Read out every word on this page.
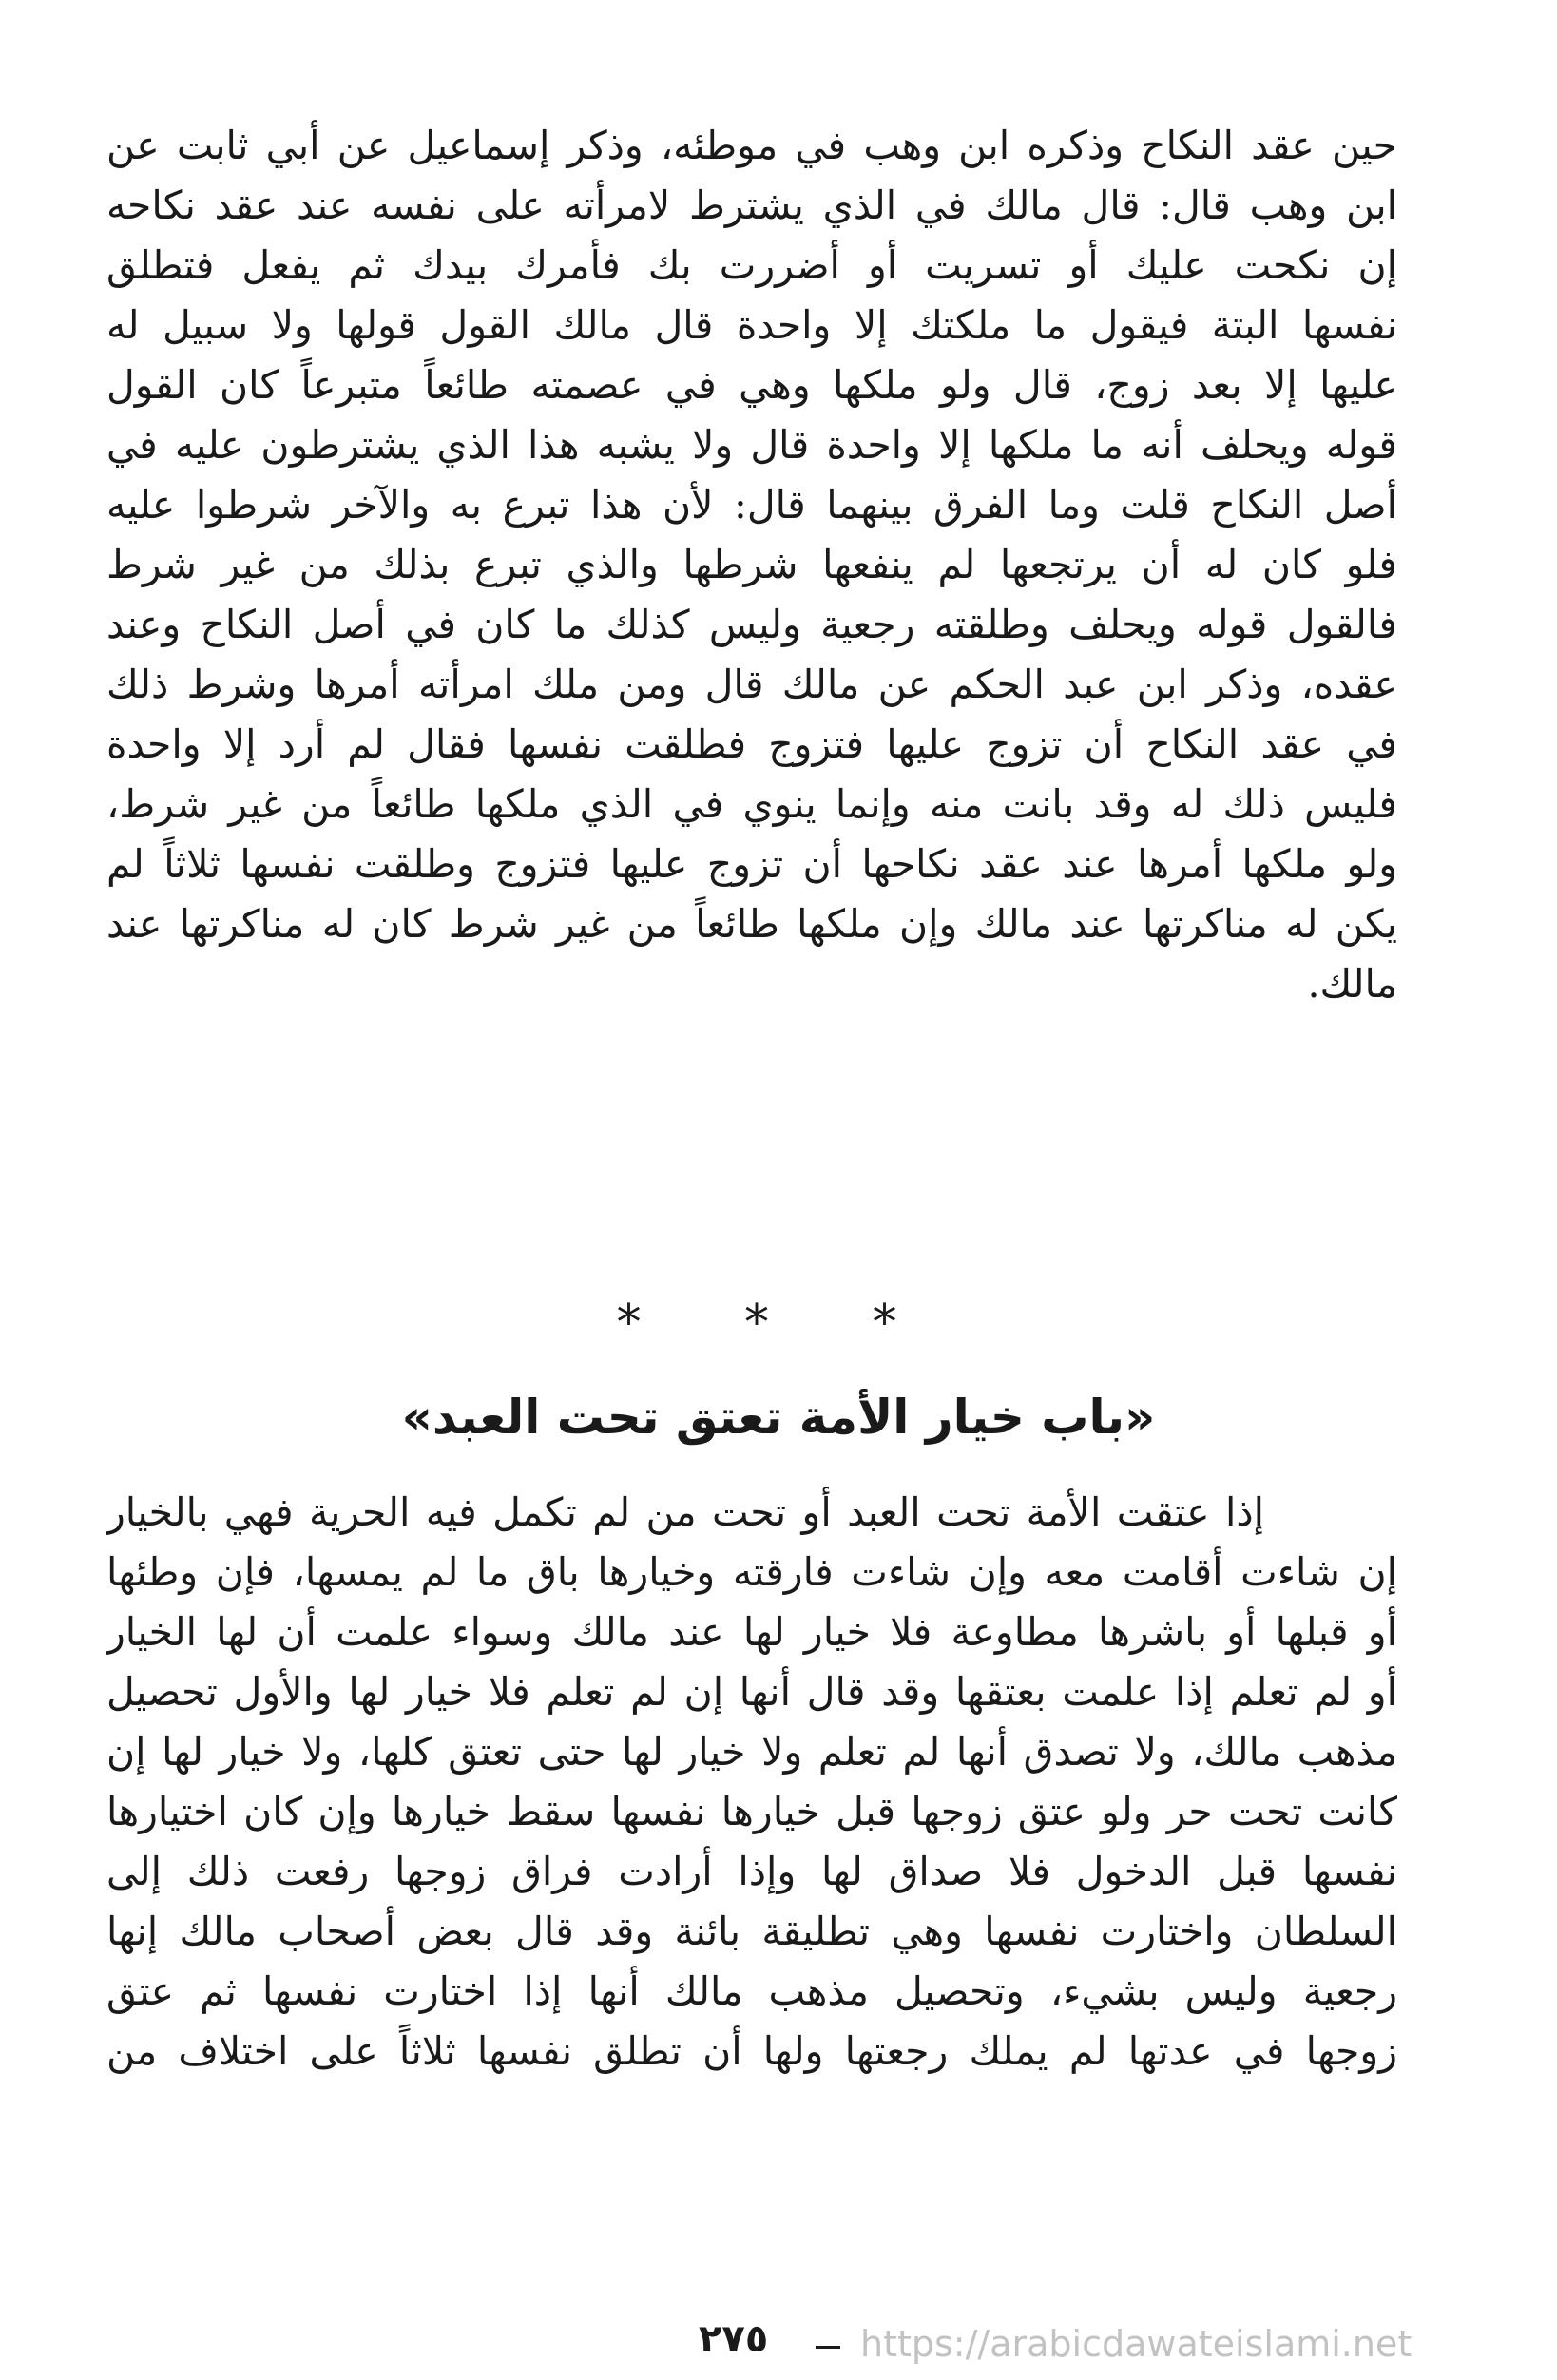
حين عقد النكاح وذكره ابن وهب في موطئه، وذكر إسماعيل عن أبي ثابت عن
ابن وهب قال: قال مالك في الذي يشترط لامرأته على نفسه عند عقد نكاحه
إن نكحت عليك أو تسريت أو أضررت بك فأمرك بيدك ثم يفعل فتطلق
نفسها البتة فيقول ما ملكتك إلا واحدة قال مالك القول قولها ولا سبيل له
عليها إلا بعد زوج، قال ولو ملكها وهي في عصمته طائعاً متبرعاً كان القول
قوله ويحلف أنه ما ملكها إلا واحدة قال ولا يشبه هذا الذي يشترطون عليه في
أصل النكاح قلت وما الفرق بينهما قال: لأن هذا تبرع به والآخر شرطوا عليه
فلو كان له أن يرتجعها لم ينفعها شرطها والذي تبرع بذلك من غير شرط
فالقول قوله ويحلف وطلقته رجعية وليس كذلك ما كان في أصل النكاح وعند
عقده، وذكر ابن عبد الحكم عن مالك قال ومن ملك امرأته أمرها وشرط ذلك
في عقد النكاح أن تزوج عليها فتزوج فطلقت نفسها فقال لم أرد إلا واحدة
فليس ذلك له وقد بانت منه وإنما ينوي في الذي ملكها طائعاً من غير شرط،
ولو ملكها أمرها عند عقد نكاحها أن تزوج عليها فتزوج وطلقت نفسها ثلاثاً لم
يكن له مناكرتها عند مالك وإن ملكها طائعاً من غير شرط كان له مناكرتها عند
مالك.
* * *
«باب خيار الأمة تعتق تحت العبد»
إذا عتقت الأمة تحت العبد أو تحت من لم تكمل فيه الحرية فهي بالخيار
إن شاءت أقامت معه وإن شاءت فارقته وخيارها باق ما لم يمسها، فإن وطئها
أو قبلها أو باشرها مطاوعة فلا خيار لها عند مالك وسواء علمت أن لها الخيار
أو لم تعلم إذا علمت بعتقها وقد قال أنها إن لم تعلم فلا خيار لها والأول تحصيل
مذهب مالك، ولا تصدق أنها لم تعلم ولا خيار لها حتى تعتق كلها، ولا خيار لها إن
كانت تحت حر ولو عتق زوجها قبل خيارها نفسها سقط خيارها وإن كان اختيارها
نفسها قبل الدخول فلا صداق لها وإذا أرادت فراق زوجها رفعت ذلك إلى
السلطان واختارت نفسها وهي تطليقة بائنة وقد قال بعض أصحاب مالك إنها
رجعية وليس بشيء، وتحصيل مذهب مالك أنها إذا اختارت نفسها ثم عتق
زوجها في عدتها لم يملك رجعتها ولها أن تطلق نفسها ثلاثاً على اختلاف من
٢٧٥	https://arabicdawateislami.net
